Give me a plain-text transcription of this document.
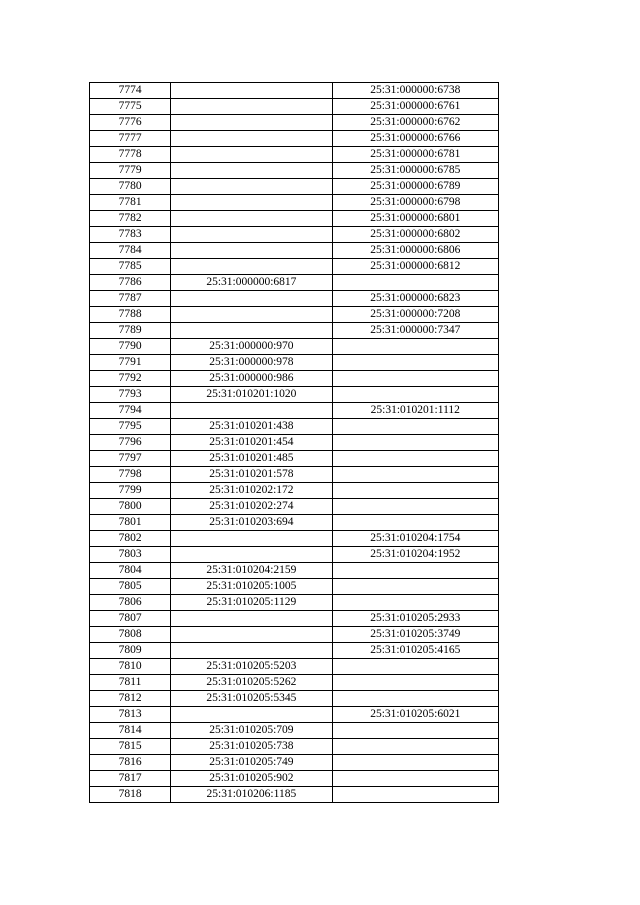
7774		25:31:000000:6738
7775		25:31:000000:6761
7776		25:31:000000:6762
7777		25:31:000000:6766
7778		25:31:000000:6781
7779		25:31:000000:6785
7780		25:31:000000:6789
7781		25:31:000000:6798
7782		25:31:000000:6801
7783		25:31:000000:6802
7784		25:31:000000:6806
7785		25:31:000000:6812
7786	25:31:000000:6817	
7787		25:31:000000:6823
7788		25:31:000000:7208
7789		25:31:000000:7347
7790	25:31:000000:970	
7791	25:31:000000:978	
7792	25:31:000000:986	
7793	25:31:010201:1020	
7794		25:31:010201:1112
7795	25:31:010201:438	
7796	25:31:010201:454	
7797	25:31:010201:485	
7798	25:31:010201:578	
7799	25:31:010202:172	
7800	25:31:010202:274	
7801	25:31:010203:694	
7802		25:31:010204:1754
7803		25:31:010204:1952
7804	25:31:010204:2159	
7805	25:31:010205:1005	
7806	25:31:010205:1129	
7807		25:31:010205:2933
7808		25:31:010205:3749
7809		25:31:010205:4165
7810	25:31:010205:5203	
7811	25:31:010205:5262	
7812	25:31:010205:5345	
7813		25:31:010205:6021
7814	25:31:010205:709	
7815	25:31:010205:738	
7816	25:31:010205:749	
7817	25:31:010205:902	
7818	25:31:010206:1185	
